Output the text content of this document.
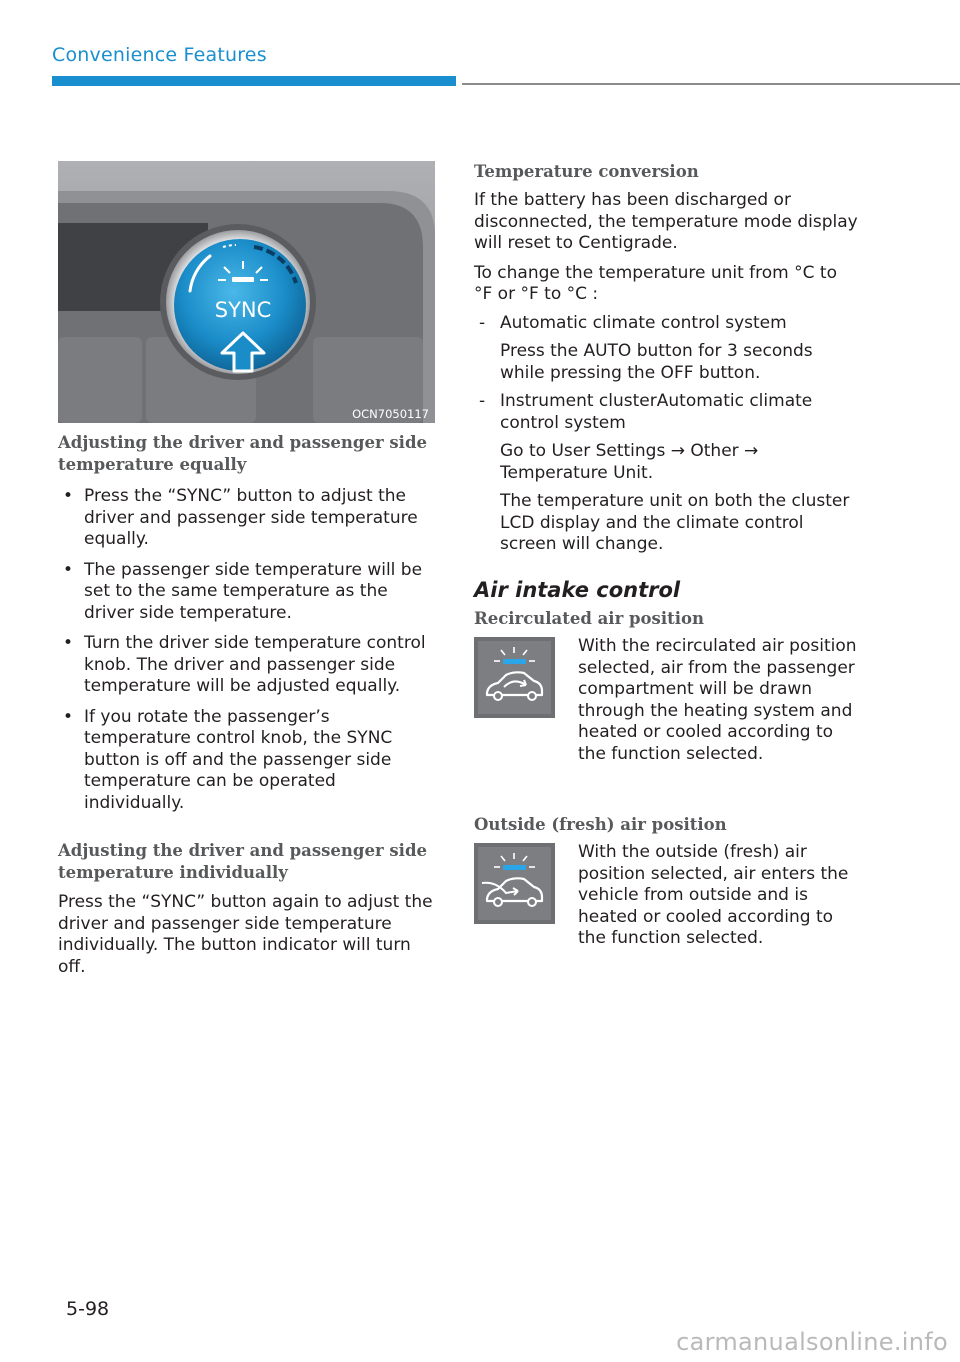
Convenience Features
SYNC
OCN7050117

Adjusting the driver and passenger side temperature equally

• Press the “SYNC” button to adjust the driver and passenger side temperature equally.
• The passenger side temperature will be set to the same temperature as the driver side temperature.
• Turn the driver side temperature control knob. The driver and passenger side temperature will be adjusted equally.
• If you rotate the passenger’s temperature control knob, the SYNC button is off and the passenger side temperature can be operated individually.

Adjusting the driver and passenger side temperature individually

Press the “SYNC” button again to adjust the driver and passenger side temperature individually. The button indicator will turn off.

Temperature conversion

If the battery has been discharged or disconnected, the temperature mode display will reset to Centigrade.

To change the temperature unit from °C to °F or °F to °C :

- Automatic climate control system

Press the AUTO button for 3 seconds while pressing the OFF button.

- Instrument clusterAutomatic climate control system

Go to User Settings → Other → Temperature Unit.

The temperature unit on both the cluster LCD display and the climate control screen will change.

Air intake control

Recirculated air position

With the recirculated air position selected, air from the passenger compartment will be drawn through the heating system and heated or cooled according to the function selected.

Outside (fresh) air position

With the outside (fresh) air position selected, air enters the vehicle from outside and is heated or cooled according to the function selected.

5-98
carmanualsonline.info
